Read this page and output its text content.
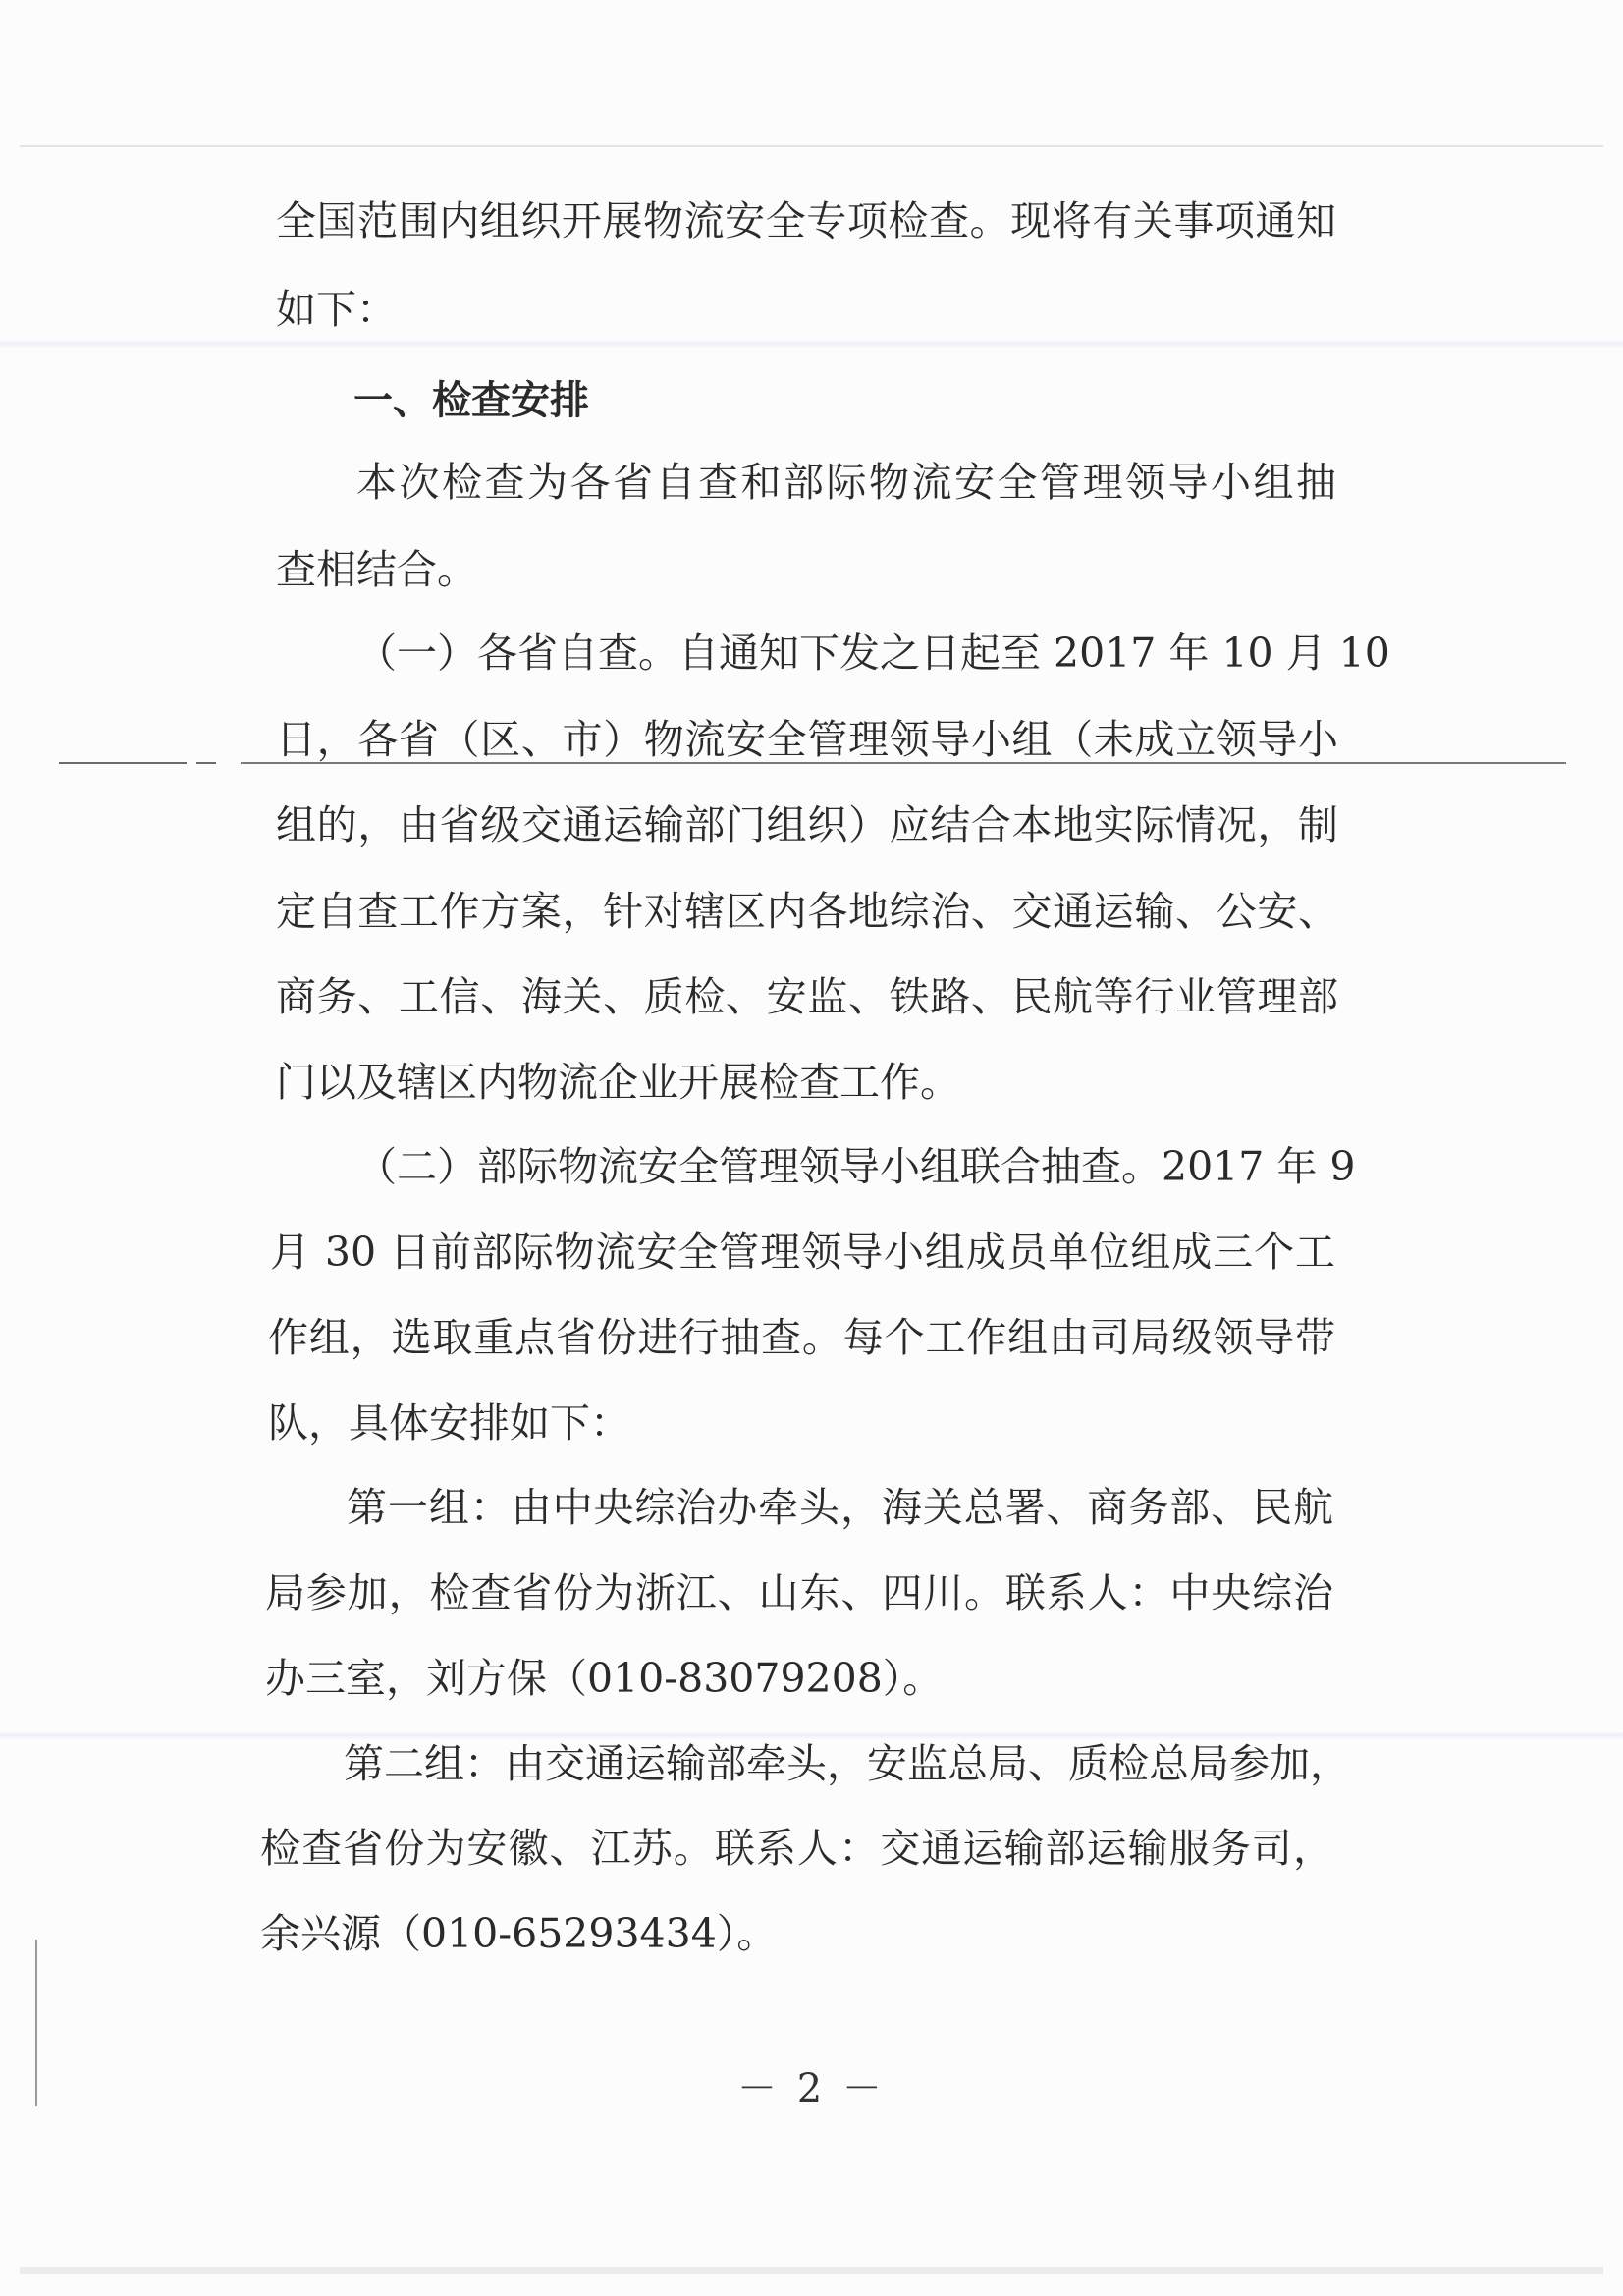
全国范围内组织开展物流安全专项检查。现将有关事项通知

如下：

一、检查安排

本次检查为各省自查和部际物流安全管理领导小组抽

查相结合。

（一）各省自查。自通知下发之日起至 2017 年 10 月 10

日，各省（区、市）物流安全管理领导小组（未成立领导小

组的，由省级交通运输部门组织）应结合本地实际情况，制

定自查工作方案，针对辖区内各地综治、交通运输、公安、

商务、工信、海关、质检、安监、铁路、民航等行业管理部

门以及辖区内物流企业开展检查工作。

（二）部际物流安全管理领导小组联合抽查。2017 年 9

月 30 日前部际物流安全管理领导小组成员单位组成三个工

作组，选取重点省份进行抽查。每个工作组由司局级领导带

队，具体安排如下：

第一组：由中央综治办牵头，海关总署、商务部、民航

局参加，检查省份为浙江、山东、四川。联系人：中央综治

办三室，刘方保（010-83079208）。

第二组：由交通运输部牵头，安监总局、质检总局参加，

检查省份为安徽、江苏。联系人：交通运输部运输服务司，

余兴源（010-65293434）。

－ 2 －
